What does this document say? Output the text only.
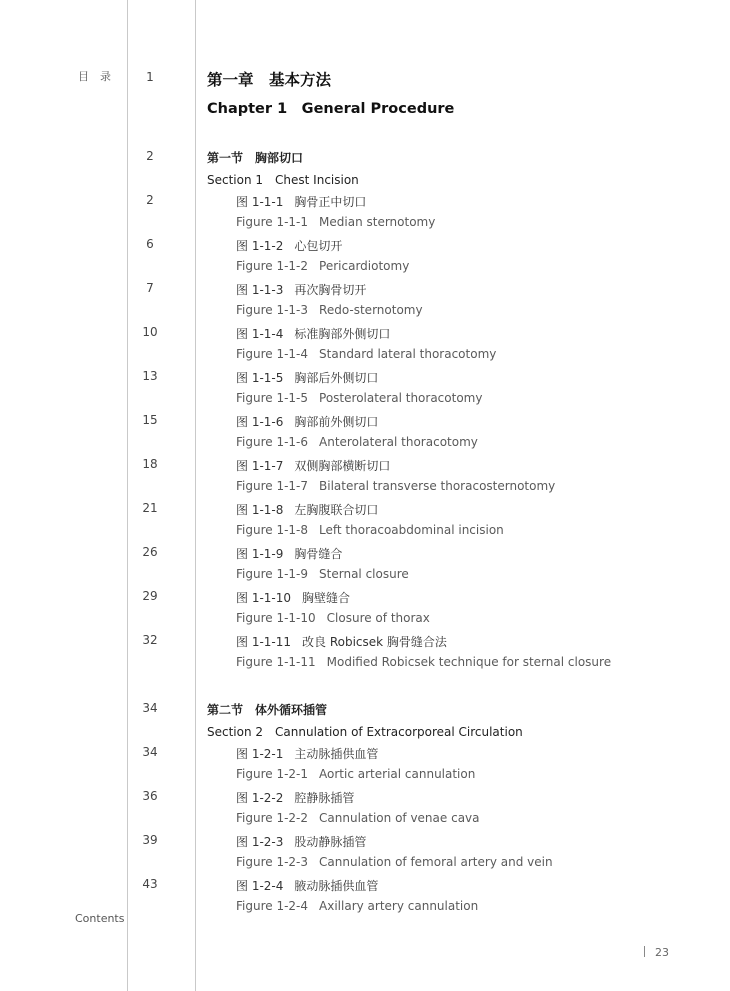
目　录
Contents
1	第一章　基本方法
Chapter 1　General Procedure
2	第一节　胸部切口
Section 1　Chest Incision
2	图 1-1-1 胸骨正中切口
Figure 1-1-1 Median sternotomy
6	图 1-1-2 心包切开
Figure 1-1-2 Pericardiotomy
7	图 1-1-3 再次胸骨切开
Figure 1-1-3 Redo-sternotomy
10	图 1-1-4 标准胸部外侧切口
Figure 1-1-4 Standard lateral thoracotomy
13	图 1-1-5 胸部后外侧切口
Figure 1-1-5 Posterolateral thoracotomy
15	图 1-1-6 胸部前外侧切口
Figure 1-1-6 Anterolateral thoracotomy
18	图 1-1-7 双侧胸部横断切口
Figure 1-1-7 Bilateral transverse thoracosternotomy
21	图 1-1-8 左胸腹联合切口
Figure 1-1-8 Left thoracoabdominal incision
26	图 1-1-9 胸骨缝合
Figure 1-1-9 Sternal closure
29	图 1-1-10 胸壁缝合
Figure 1-1-10 Closure of thorax
32	图 1-1-11 改良 Robicsek 胸骨缝合法
Figure 1-1-11 Modified Robicsek technique for sternal closure
34	第二节　体外循环插管
Section 2　Cannulation of Extracorporeal Circulation
34	图 1-2-1 主动脉插供血管
Figure 1-2-1 Aortic arterial cannulation
36	图 1-2-2 腔静脉插管
Figure 1-2-2 Cannulation of venae cava
39	图 1-2-3 股动静脉插管
Figure 1-2-3 Cannulation of femoral artery and vein
43	图 1-2-4 腋动脉插供血管
Figure 1-2-4 Axillary artery cannulation
23
